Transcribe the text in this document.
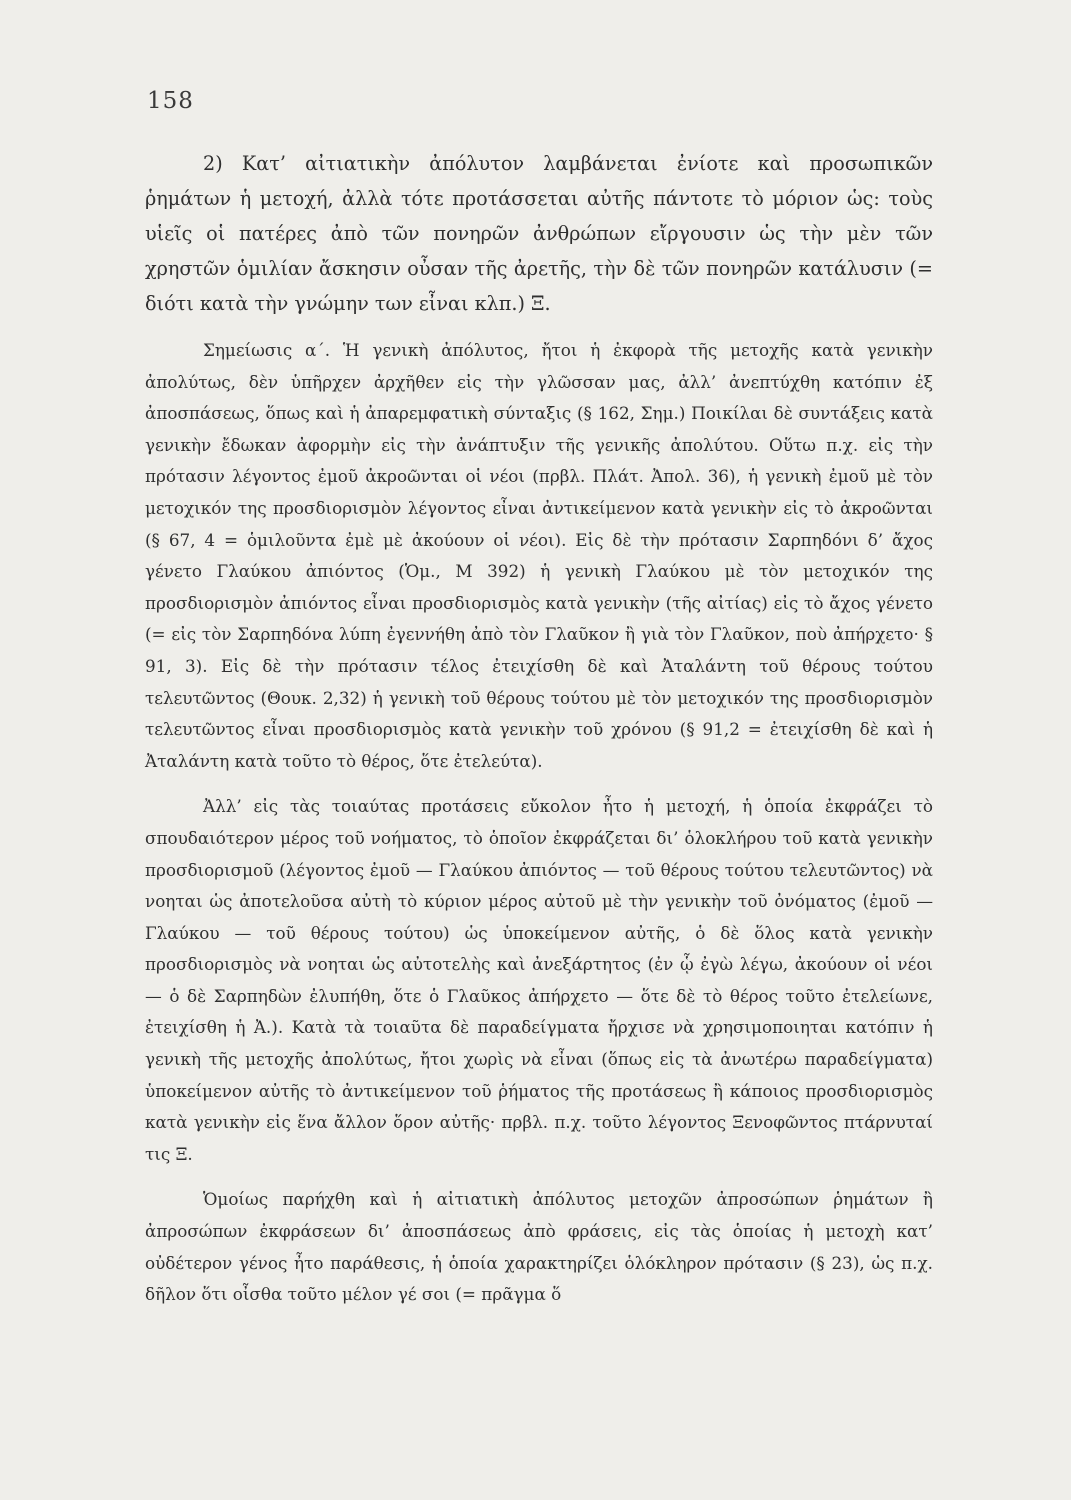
158

2) Κατ’ αἰτιατικὴν ἀπόλυτον λαμβάνεται ἐνίοτε καὶ προσωπικῶν ῥημάτων ἡ μετοχή, ἀλλὰ τότε προτάσσεται αὐτῆς πάντοτε τὸ μόριον ὡς: τοὺς υἱεῖς οἱ πατέρες ἀπὸ τῶν πονηρῶν ἀνθρώπων εἴργουσιν ὡς τὴν μὲν τῶν χρηστῶν ὁμιλίαν ἄσκησιν οὖσαν τῆς ἀρετῆς, τὴν δὲ τῶν πονηρῶν κατάλυσιν (= διότι κατὰ τὴν γνώμην των εἶναι κλπ.) Ξ.

Σημείωσις α΄. Ἡ γενικὴ ἀπόλυτος, ἤτοι ἡ ἐκφορὰ τῆς μετοχῆς κατὰ γενικὴν ἀπολύτως, δὲν ὑπῆρχεν ἀρχῆθεν εἰς τὴν γλῶσσαν μας, ἀλλ’ ἀνεπτύχθη κατόπιν ἐξ ἀποσπάσεως, ὅπως καὶ ἡ ἀπαρεμφατικὴ σύνταξις (§ 162, Σημ.) Ποικίλαι δὲ συντάξεις κατὰ γενικὴν ἔδωκαν ἀφορμὴν εἰς τὴν ἀνάπτυξιν τῆς γενικῆς ἀπολύτου. Οὕτω π.χ. εἰς τὴν πρότασιν λέγοντος ἐμοῦ ἀκροῶνται οἱ νέοι (πρβλ. Πλάτ. Ἀπολ. 36), ἡ γενικὴ ἐμοῦ μὲ τὸν μετοχικόν της προσδιορισμὸν λέγοντος εἶναι ἀντικείμενον κατὰ γενικὴν εἰς τὸ ἀκροῶνται (§ 67, 4 = ὁμιλοῦντα ἐμὲ μὲ ἀκούουν οἱ νέοι). Εἰς δὲ τὴν πρότασιν Σαρπηδόνι δ’ ἄχος γένετο Γλαύκου ἀπιόντος (Ὁμ., Μ 392) ἡ γενικὴ Γλαύκου μὲ τὸν μετοχικόν της προσδιορισμὸν ἀπιόντος εἶναι προσδιορισμὸς κατὰ γενικὴν (τῆς αἰτίας) εἰς τὸ ἄχος γένετο (= εἰς τὸν Σαρπηδόνα λύπη ἐγεννήθη ἀπὸ τὸν Γλαῦκον ἢ γιὰ τὸν Γλαῦκον, ποὺ ἀπήρχετο· § 91, 3). Εἰς δὲ τὴν πρότασιν τέλος ἐτειχίσθη δὲ καὶ Ἀταλάντη τοῦ θέρους τούτου τελευτῶντος (Θουκ. 2,32) ἡ γενικὴ τοῦ θέρους τούτου μὲ τὸν μετοχικόν της προσδιορισμὸν τελευτῶντος εἶναι προσδιορισμὸς κατὰ γενικὴν τοῦ χρόνου (§ 91,2 = ἐτειχίσθη δὲ καὶ ἡ Ἀταλάντη κατὰ τοῦτο τὸ θέρος, ὅτε ἐτελεύτα).

Ἀλλ’ εἰς τὰς τοιαύτας προτάσεις εὔκολον ἦτο ἡ μετοχή, ἡ ὁποία ἐκφράζει τὸ σπουδαιότερον μέρος τοῦ νοήματος, τὸ ὁποῖον ἐκφράζεται δι’ ὁλοκλήρου τοῦ κατὰ γενικὴν προσδιορισμοῦ (λέγοντος ἐμοῦ — Γλαύκου ἀπιόντος — τοῦ θέρους τούτου τελευτῶντος) νὰ νοηται ὡς ἀποτελοῦσα αὐτὴ τὸ κύριον μέρος αὐτοῦ μὲ τὴν γενικὴν τοῦ ὀνόματος (ἐμοῦ — Γλαύκου — τοῦ θέρους τούτου) ὡς ὑποκείμενον αὐτῆς, ὁ δὲ ὅλος κατὰ γενικὴν προσδιορισμὸς νὰ νοηται ὡς αὐτοτελὴς καὶ ἀνεξάρτητος (ἐν ᾧ ἐγὼ λέγω, ἀκούουν οἱ νέοι — ὁ δὲ Σαρπηδὼν ἐλυπήθη, ὅτε ὁ Γλαῦκος ἀπήρχετο — ὅτε δὲ τὸ θέρος τοῦτο ἐτελείωνε, ἐτειχίσθη ἡ Ἀ.). Κατὰ τὰ τοιαῦτα δὲ παραδείγματα ἤρχισε νὰ χρησιμοποιηται κατόπιν ἡ γενικὴ τῆς μετοχῆς ἀπολύτως, ἤτοι χωρὶς νὰ εἶναι (ὅπως εἰς τὰ ἀνωτέρω παραδείγματα) ὑποκείμενον αὐτῆς τὸ ἀντικείμενον τοῦ ῥήματος τῆς προτάσεως ἢ κάποιος προσδιορισμὸς κατὰ γενικὴν εἰς ἕνα ἄλλον ὅρον αὐτῆς· πρβλ. π.χ. τοῦτο λέγοντος Ξενοφῶντος πτάρνυταί τις Ξ.

Ὁμοίως παρήχθη καὶ ἡ αἰτιατικὴ ἀπόλυτος μετοχῶν ἀπροσώπων ῥημάτων ἢ ἀπροσώπων ἐκφράσεων δι’ ἀποσπάσεως ἀπὸ φράσεις, εἰς τὰς ὁποίας ἡ μετοχὴ κατ’ οὐδέτερον γένος ἦτο παράθεσις, ἡ ὁποία χαρακτηρίζει ὁλόκληρον πρότασιν (§ 23), ὡς π.χ. δῆλον ὅτι οἶσθα τοῦτο μέλον γέ σοι (= πρᾶγμα ὅ
